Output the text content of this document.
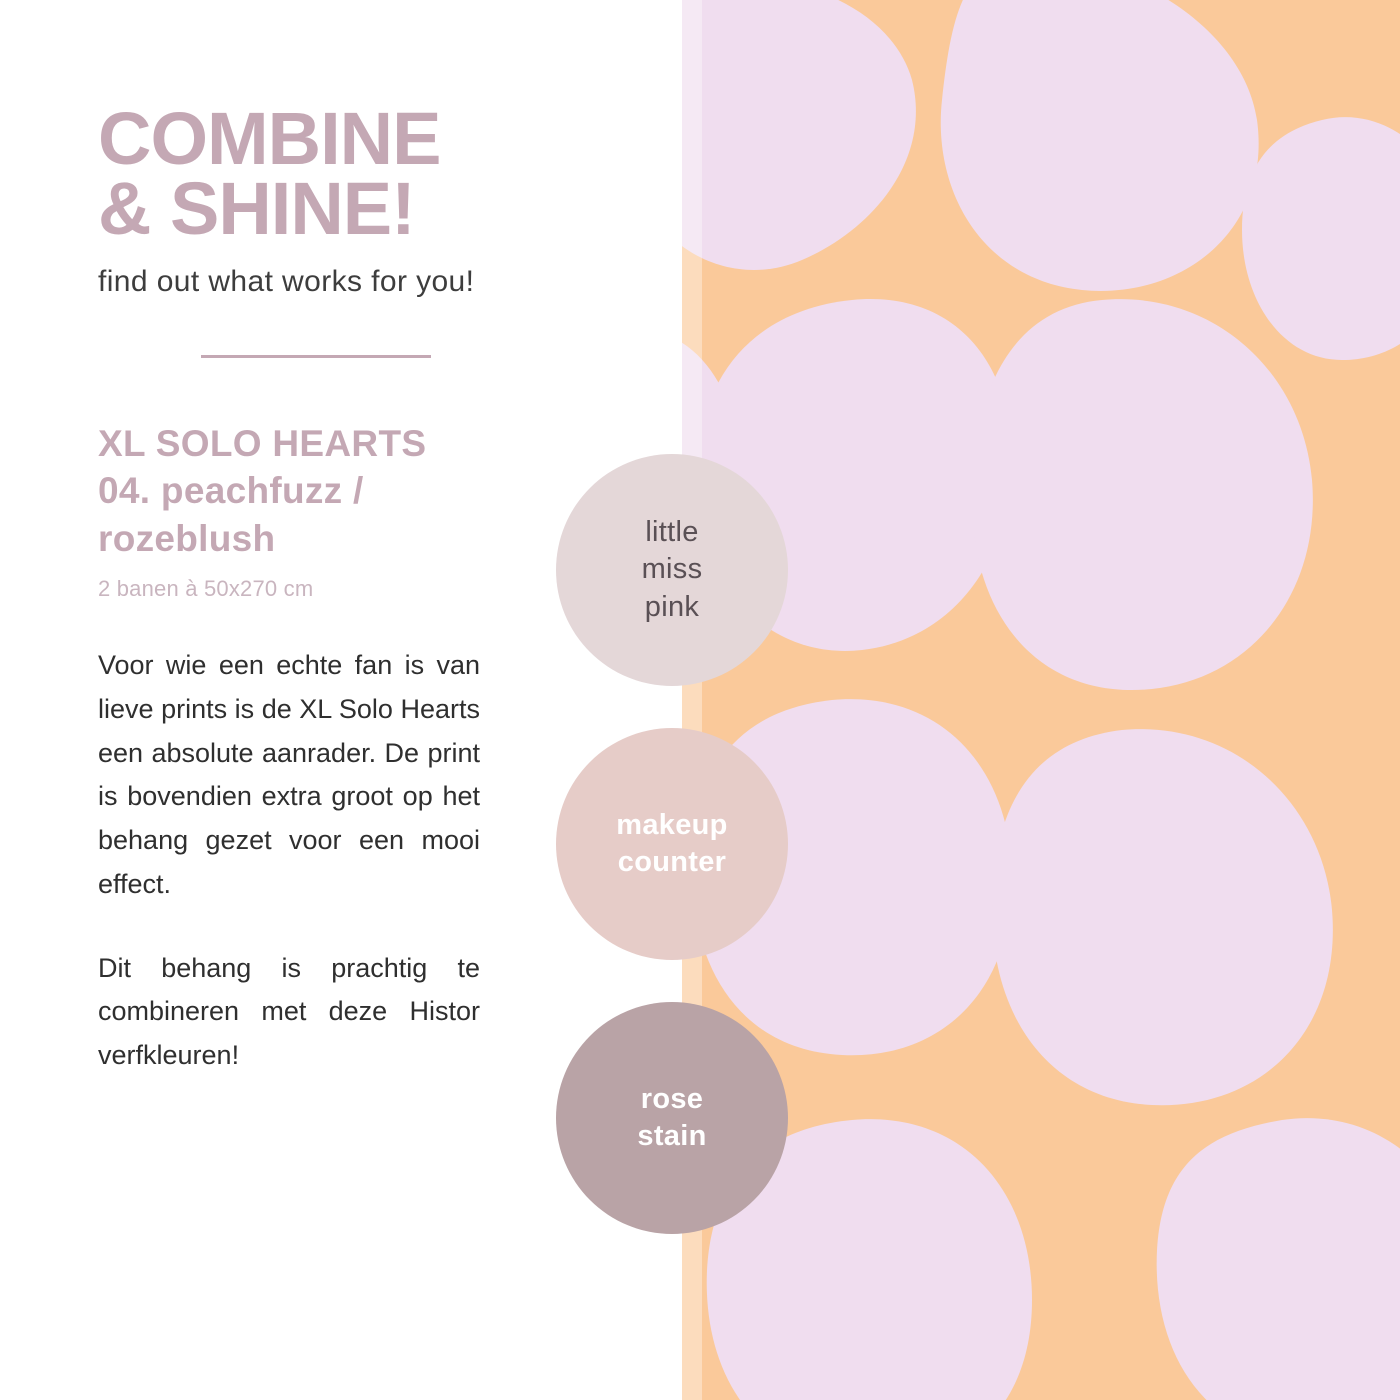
COMBINE
& SHINE!
find out what works for you!
XL SOLO HEARTS
04. peachfuzz /
rozeblush
2 banen à 50x270 cm

Voor wie een echte fan is van lieve prints is de XL Solo Hearts een absolute aanrader. De print is bovendien extra groot op het behang gezet voor een mooi effect.

Dit behang is prachtig te combineren met deze Histor verfkleuren!

little
miss
pink
makeup
counter
rose
stain
